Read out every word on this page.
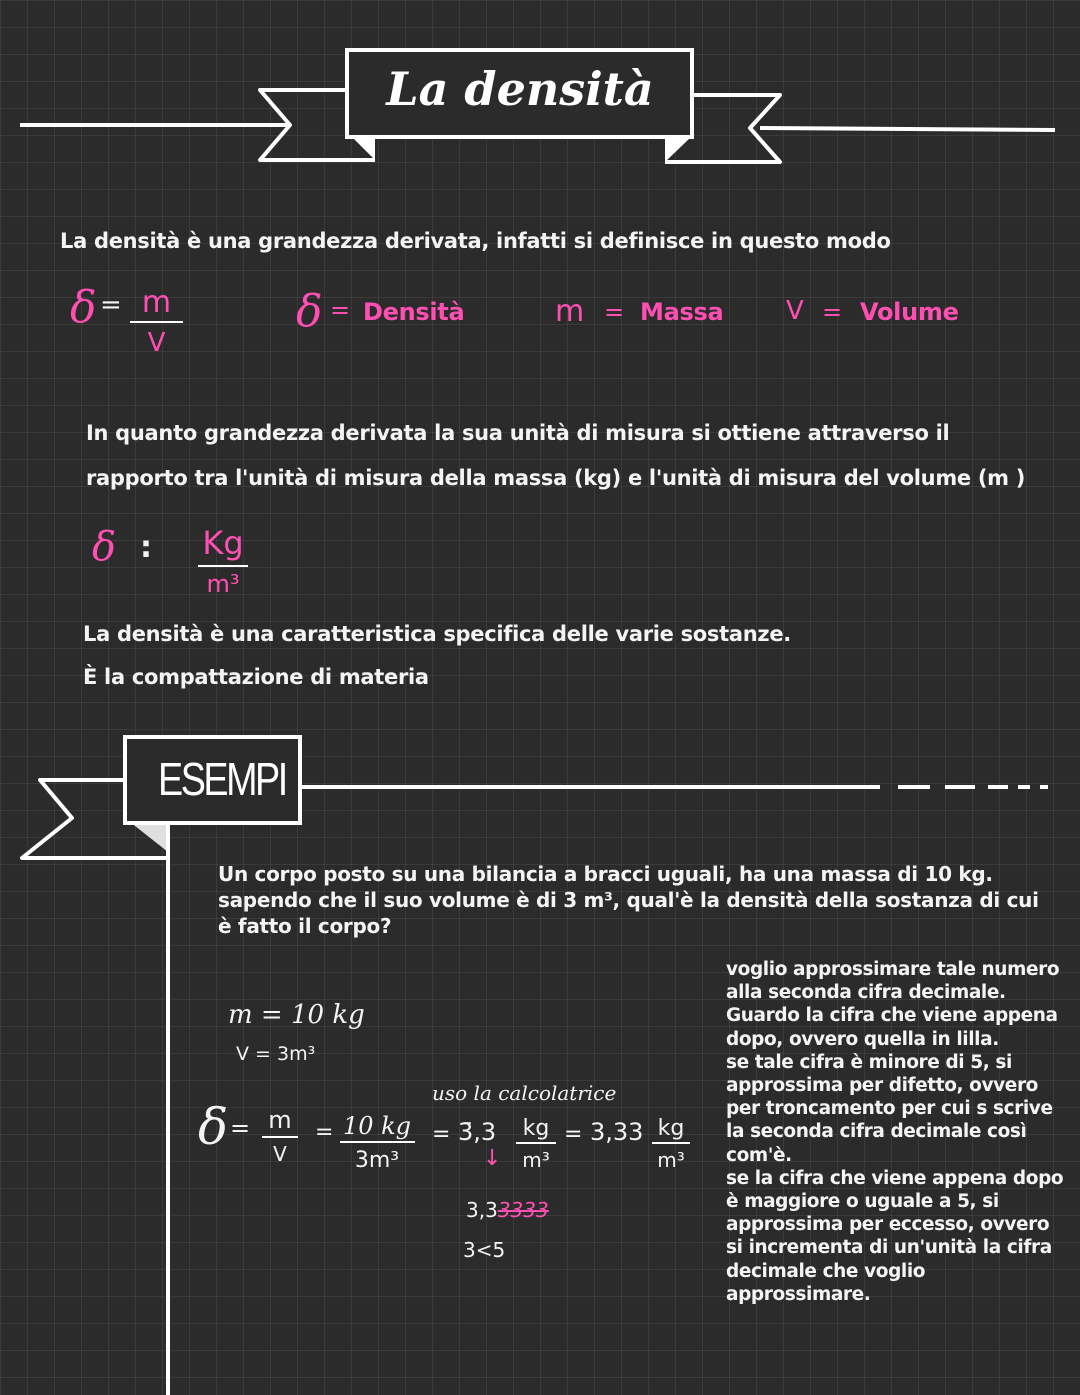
La densità
ESEMPI
La densità è una grandezza derivata, infatti si definisce in questo modo
δ = m
V
δ = Densità	m = Massa V = Volume
In quanto grandezza derivata la sua unità di misura si ottiene attraverso il
rapporto tra l'unità di misura della massa (kg) e l'unità di misura del volume (m )
δ : Kg
m³
La densità è una caratteristica specifica delle varie sostanze.
È la compattazione di materia
Un corpo posto su una bilancia a bracci uguali, ha una massa di 10 kg.
sapendo che il suo volume è di 3 m³, qual'è la densità della sostanza di cui
è fatto il corpo?
m = 10 kg
V = 3m³
uso la calcolatrice
δ = m
V
= 10 kg
3m³
= 3̄,3	kg
m³
= 3,33 kg
m³
↓
3,33333
3<5
voglio approssimare tale numero
alla seconda cifra decimale.
Guardo la cifra che viene appena
dopo, ovvero quella in lilla.
se tale cifra è minore di 5, si
approssima per difetto, ovvero
per troncamento per cui s scrive
la seconda cifra decimale così
com'è.
se la cifra che viene appena dopo
è maggiore o uguale a 5, si
approssima per eccesso, ovvero
si incrementa di un'unità la cifra
decimale che voglio
approssimare.
